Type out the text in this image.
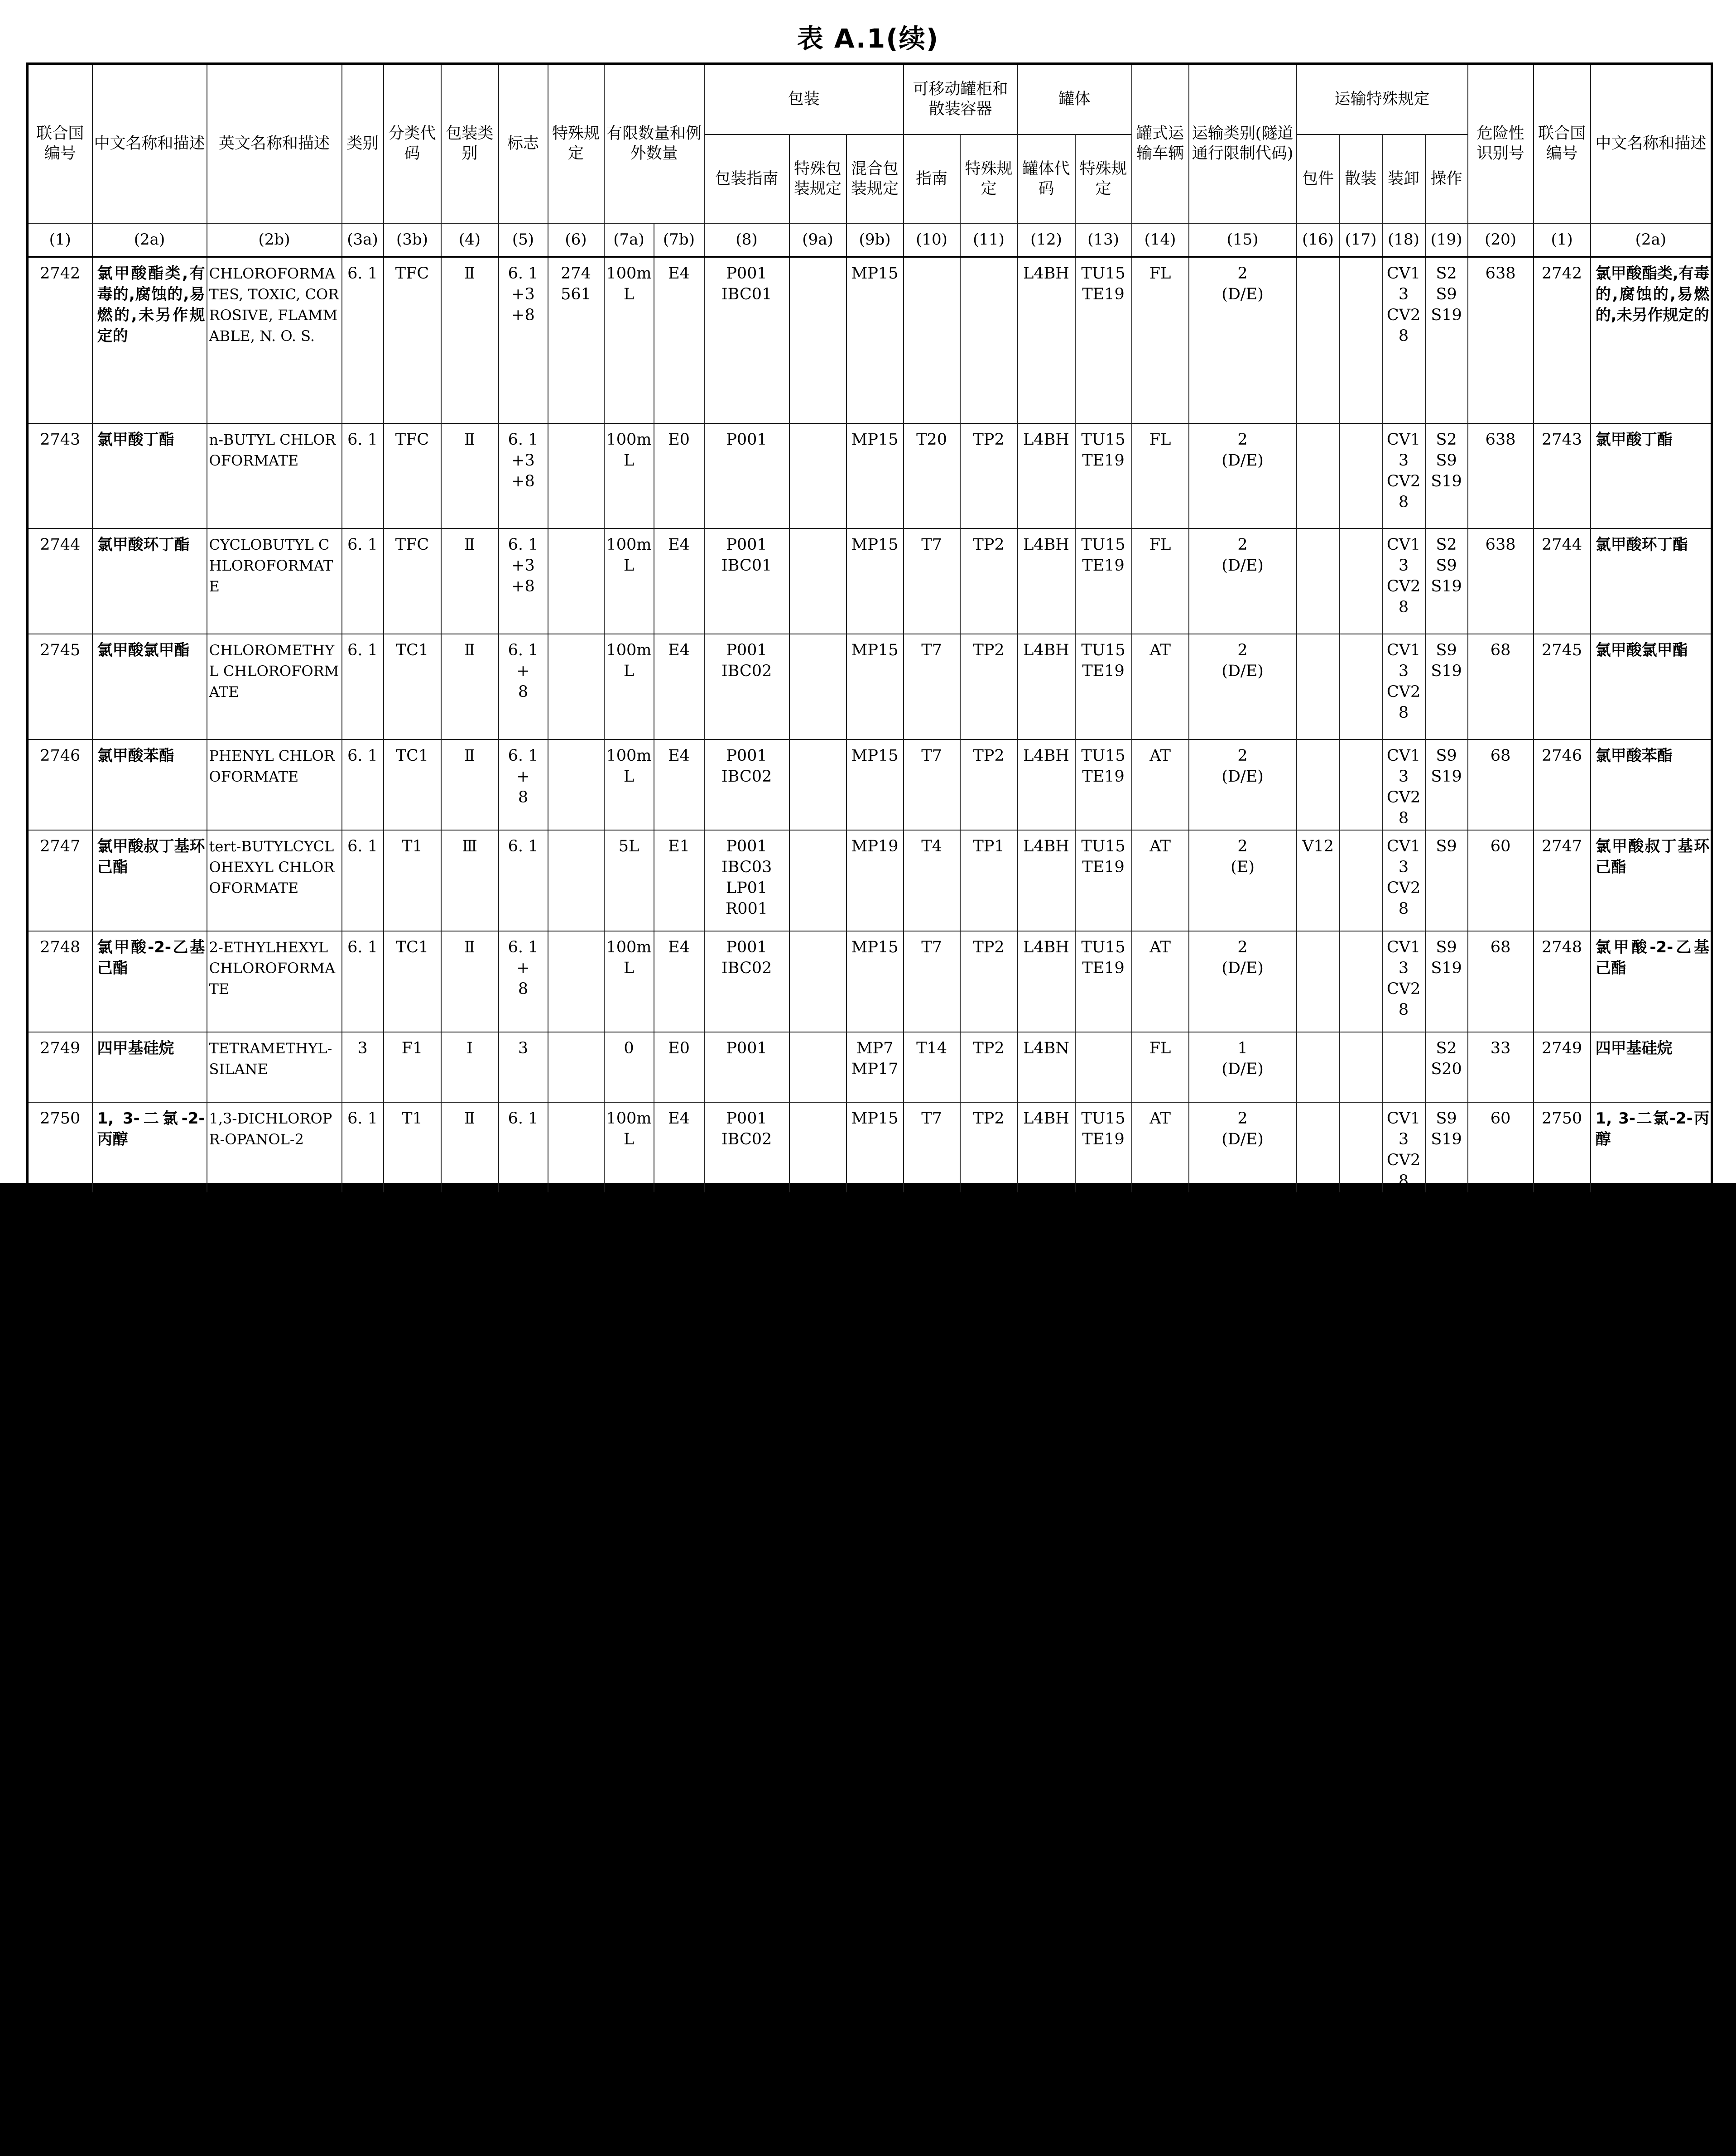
表 A.1(续)
联合国编号	中文名称和描述	英文名称和描述	类别	分类代码	包装类别	标志	特殊规定	有限数量和例外数量		包装			可移动罐柜和散装容器		罐体		罐式运输车辆	运输类别(隧道通行限制代码)	运输特殊规定				危险性识别号	联合国编号	中文名称和描述
										包装指南	特殊包装规定	混合包装规定	指南	特殊规定	罐体代码	特殊规定			包件	散装	装卸	操作			
(1)	(2a)	(2b)	(3a)	(3b)	(4)	(5)	(6)	(7a)	(7b)	(8)	(9a)	(9b)	(10)	(11)	(12)	(13)	(14)	(15)	(16)	(17)	(18)	(19)	(20)	(1)	(2a)
2742	氯甲酸酯类,有毒的,腐蚀的,易燃的,未另作规定的	CHLOROFORMATES, TOXIC, CORROSIVE, FLAMMABLE, N. O. S.	6. 1	TFC	Ⅱ	6. 1
+3
+8	274
561	100mL	E4	P001
IBC01		MP15			L4BH	TU15
TE19	FL	2
(D/E)			CV13
CV28	S2
S9
S19	638	2742	氯甲酸酯类,有毒的,腐蚀的,易燃的,未另作规定的
2743	氯甲酸丁酯	n-BUTYL CHLOROFORMATE	6. 1	TFC	Ⅱ	6. 1
+3
+8		100mL	E0	P001		MP15	T20	TP2	L4BH	TU15
TE19	FL	2
(D/E)			CV13
CV28	S2
S9
S19	638	2743	氯甲酸丁酯
2744	氯甲酸环丁酯	CYCLOBUTYL CHLOROFORMATE	6. 1	TFC	Ⅱ	6. 1
+3
+8		100mL	E4	P001
IBC01		MP15	T7	TP2	L4BH	TU15
TE19	FL	2
(D/E)			CV13
CV28	S2
S9
S19	638	2744	氯甲酸环丁酯
2745	氯甲酸氯甲酯	CHLOROMETHYL CHLOROFORMATE	6. 1	TC1	Ⅱ	6. 1 +
8		100mL	E4	P001
IBC02		MP15	T7	TP2	L4BH	TU15
TE19	AT	2
(D/E)			CV13
CV28	S9
S19	68	2745	氯甲酸氯甲酯
2746	氯甲酸苯酯	PHENYL CHLOROFORMATE	6. 1	TC1	Ⅱ	6. 1 +
8		100mL	E4	P001
IBC02		MP15	T7	TP2	L4BH	TU15
TE19	AT	2
(D/E)			CV13
CV28	S9
S19	68	2746	氯甲酸苯酯
2747	氯甲酸叔丁基环己酯	tert-BUTYLCYCLOHEXYL CHLOROFORMATE	6. 1	T1	Ⅲ	6. 1		5L	E1	P001
IBC03
LP01
R001		MP19	T4	TP1	L4BH	TU15
TE19	AT	2
(E)	V12		CV13
CV28	S9	60	2747	氯甲酸叔丁基环己酯
2748	氯甲酸-2-乙基己酯	2-ETHYLHEXYL CHLOROFORMATE	6. 1	TC1	Ⅱ	6. 1 +
8		100mL	E4	P001
IBC02		MP15	T7	TP2	L4BH	TU15
TE19	AT	2
(D/E)			CV13
CV28	S9
S19	68	2748	氯甲酸-2-乙基己酯
2749	四甲基硅烷	TETRAMETHYL-SILANE	3	F1	I	3		0	E0	P001		MP7
MP17	T14	TP2	L4BN		FL	1
(D/E)				S2
S20	33	2749	四甲基硅烷
2750	1, 3-二氯-2-丙醇	1,3-DICHLOROPR-OPANOL-2	6. 1	T1	Ⅱ	6. 1		100mL	E4	P001
IBC02		MP15	T7	TP2	L4BH	TU15
TE19	AT	2
(D/E)			CV13
CV28	S9
S19	60	2750	1, 3-二氯-2-丙醇
